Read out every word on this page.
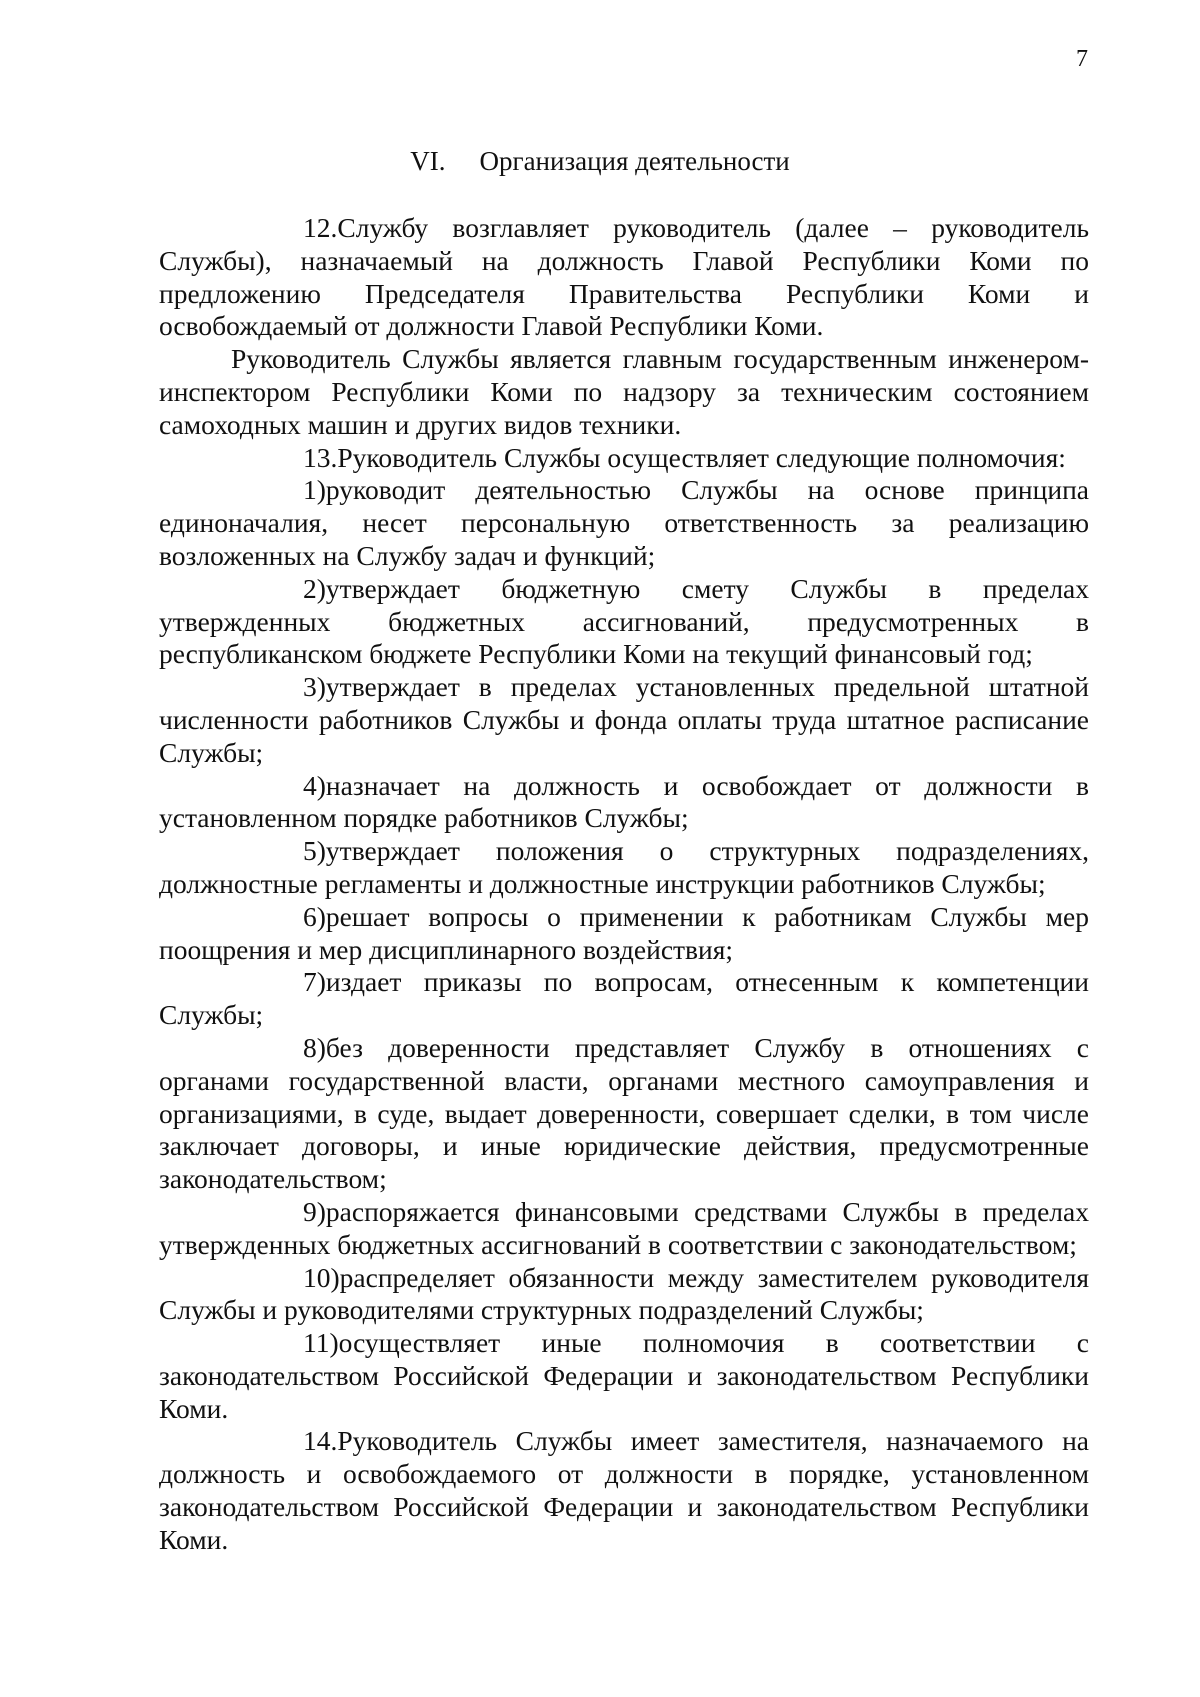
7
VI. Организация деятельности

12.Службу возглавляет руководитель (далее – руководитель Службы), назначаемый на должность Главой Республики Коми по предложению Председателя Правительства Республики Коми и освобождаемый от должности Главой Республики Коми.

Руководитель Службы является главным государственным инженером-инспектором Республики Коми по надзору за техническим состоянием самоходных машин и других видов техники.

13.Руководитель Службы осуществляет следующие полномочия:

1)руководит деятельностью Службы на основе принципа единоначалия, несет персональную ответственность за реализацию возложенных на Службу задач и функций;

2)утверждает бюджетную смету Службы в пределах утвержденных бюджетных ассигнований, предусмотренных в республиканском бюджете Республики Коми на текущий финансовый год;

3)утверждает в пределах установленных предельной штатной численности работников Службы и фонда оплаты труда штатное расписание Службы;

4)назначает на должность и освобождает от должности в установленном порядке работников Службы;

5)утверждает положения о структурных подразделениях, должностные регламенты и должностные инструкции работников Службы;

6)решает вопросы о применении к работникам Службы мер поощрения и мер дисциплинарного воздействия;

7)издает приказы по вопросам, отнесенным к компетенции Службы;

8)без доверенности представляет Службу в отношениях с органами государственной власти, органами местного самоуправления и организациями, в суде, выдает доверенности, совершает сделки, в том числе заключает договоры, и иные юридические действия, предусмотренные законодательством;

9)распоряжается финансовыми средствами Службы в пределах утвержденных бюджетных ассигнований в соответствии с законодательством;

10)распределяет обязанности между заместителем руководителя Службы и руководителями структурных подразделений Службы;

11)осуществляет иные полномочия в соответствии с законодательством Российской Федерации и законодательством Республики Коми.

14.Руководитель Службы имеет заместителя, назначаемого на должность и освобождаемого от должности в порядке, установленном законодательством Российской Федерации и законодательством Республики Коми.
